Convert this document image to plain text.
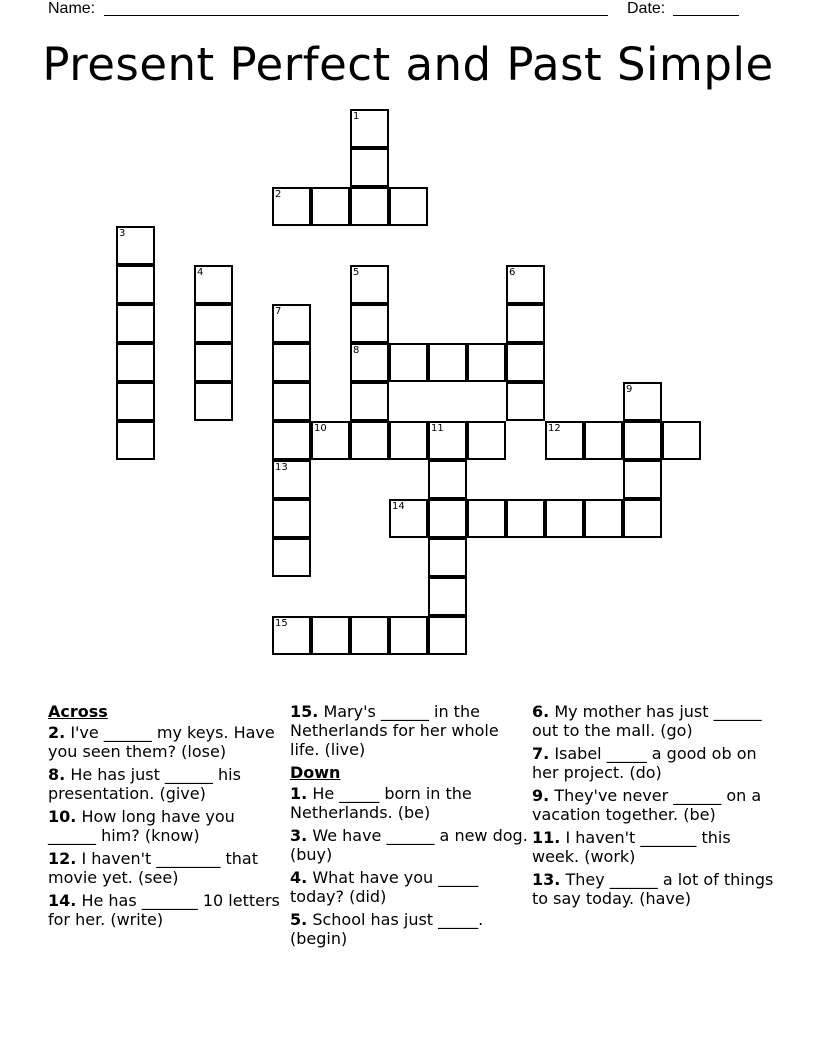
Name:	Date:
Present Perfect and Past Simple
1
2
3
4	5
8
6
7
9
10	11	12
13
14
15
Across
2. I've ______ my keys. Have you seen them? (lose)
8. He has just ______ his presentation. (give)
10. How long have you ______ him? (know)
12. I haven't ________ that movie yet. (see)
14. He has _______ 10 letters for her. (write)
15. Mary's ______ in the Netherlands for her whole life. (live)
Down
1. He _____ born in the Netherlands. (be)
3. We have ______ a new dog. (buy)
4. What have you _____ today? (did)
5. School has just _____. (begin)
6. My mother has just ______ out to the mall. (go)
7. Isabel _____ a good ob on her project. (do)
9. They've never ______ on a vacation together. (be)
11. I haven't _______ this week. (work)
13. They ______ a lot of things to say today. (have)
